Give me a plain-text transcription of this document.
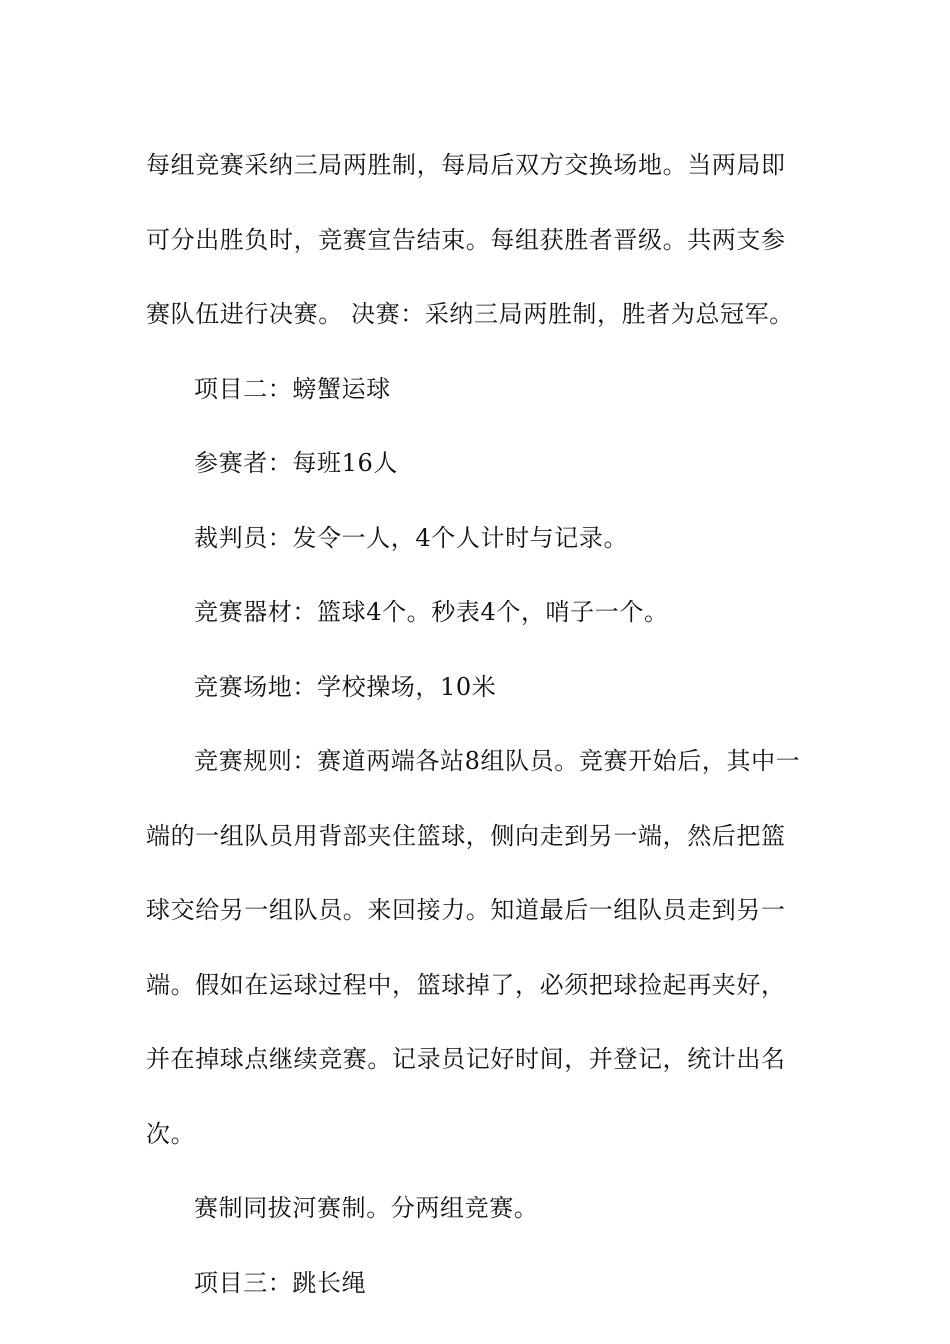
每组竞赛采纳三局两胜制，每局后双方交换场地。当两局即可分出胜负时，竞赛宣告结束。每组获胜者晋级。共两支参赛队伍进行决赛。 决赛：采纳三局两胜制，胜者为总冠军。

项目二：螃蟹运球

参赛者：每班16人

裁判员：发令一人，4个人计时与记录。

竞赛器材：篮球4个。秒表4个，哨子一个。

竞赛场地：学校操场，10米

竞赛规则：赛道两端各站8组队员。竞赛开始后，其中一端的一组队员用背部夹住篮球，侧向走到另一端，然后把篮球交给另一组队员。来回接力。知道最后一组队员走到另一端。假如在运球过程中，篮球掉了，必须把球捡起再夹好，并在掉球点继续竞赛。记录员记好时间，并登记，统计出名次。

赛制同拔河赛制。分两组竞赛。

项目三：跳长绳
